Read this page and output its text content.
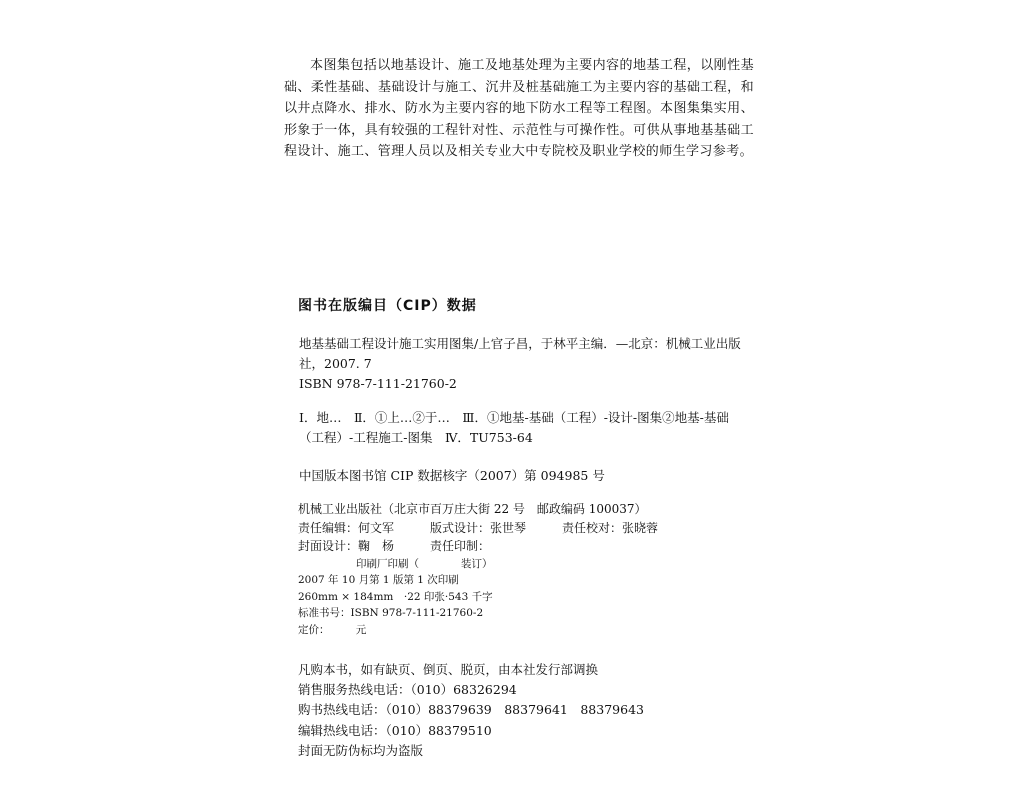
本图集包括以地基设计、施工及地基处理为主要内容的地基工程，以刚性基础、柔性基础、基础设计与施工、沉井及桩基础施工为主要内容的基础工程，和以井点降水、排水、防水为主要内容的地下防水工程等工程图。本图集集实用、形象于一体，具有较强的工程针对性、示范性与可操作性。可供从事地基基础工程设计、施工、管理人员以及相关专业大中专院校及职业学校的师生学习参考。

图书在版编目（CIP）数据
地基基础工程设计施工实用图集/上官子昌，于林平主编．—北京：机械工业出版社，2007. 7
ISBN 978-7-111-21760-2
Ⅰ．地…　Ⅱ．①上…②于…　Ⅲ．①地基-基础（工程）-设计-图集②地基-基础（工程）-工程施工-图集　Ⅳ．TU753-64
中国版本图书馆 CIP 数据核字（2007）第 094985 号
机械工业出版社（北京市百万庄大街 22 号　邮政编码 100037）
责任编辑：何文军　　　版式设计：张世琴　　　责任校对：张晓蓉
封面设计：鞠　杨　　　责任印制：
印刷厂印刷（　　　　装订）
2007 年 10 月第 1 版第 1 次印刷
260mm × 184mm　·22 印张·543 千字
标准书号：ISBN 978-7-111-21760-2
定价：　　　元
凡购本书，如有缺页、倒页、脱页，由本社发行部调换
销售服务热线电话：（010）68326294
购书热线电话：（010）88379639　88379641　88379643
编辑热线电话：（010）88379510
封面无防伪标均为盗版
